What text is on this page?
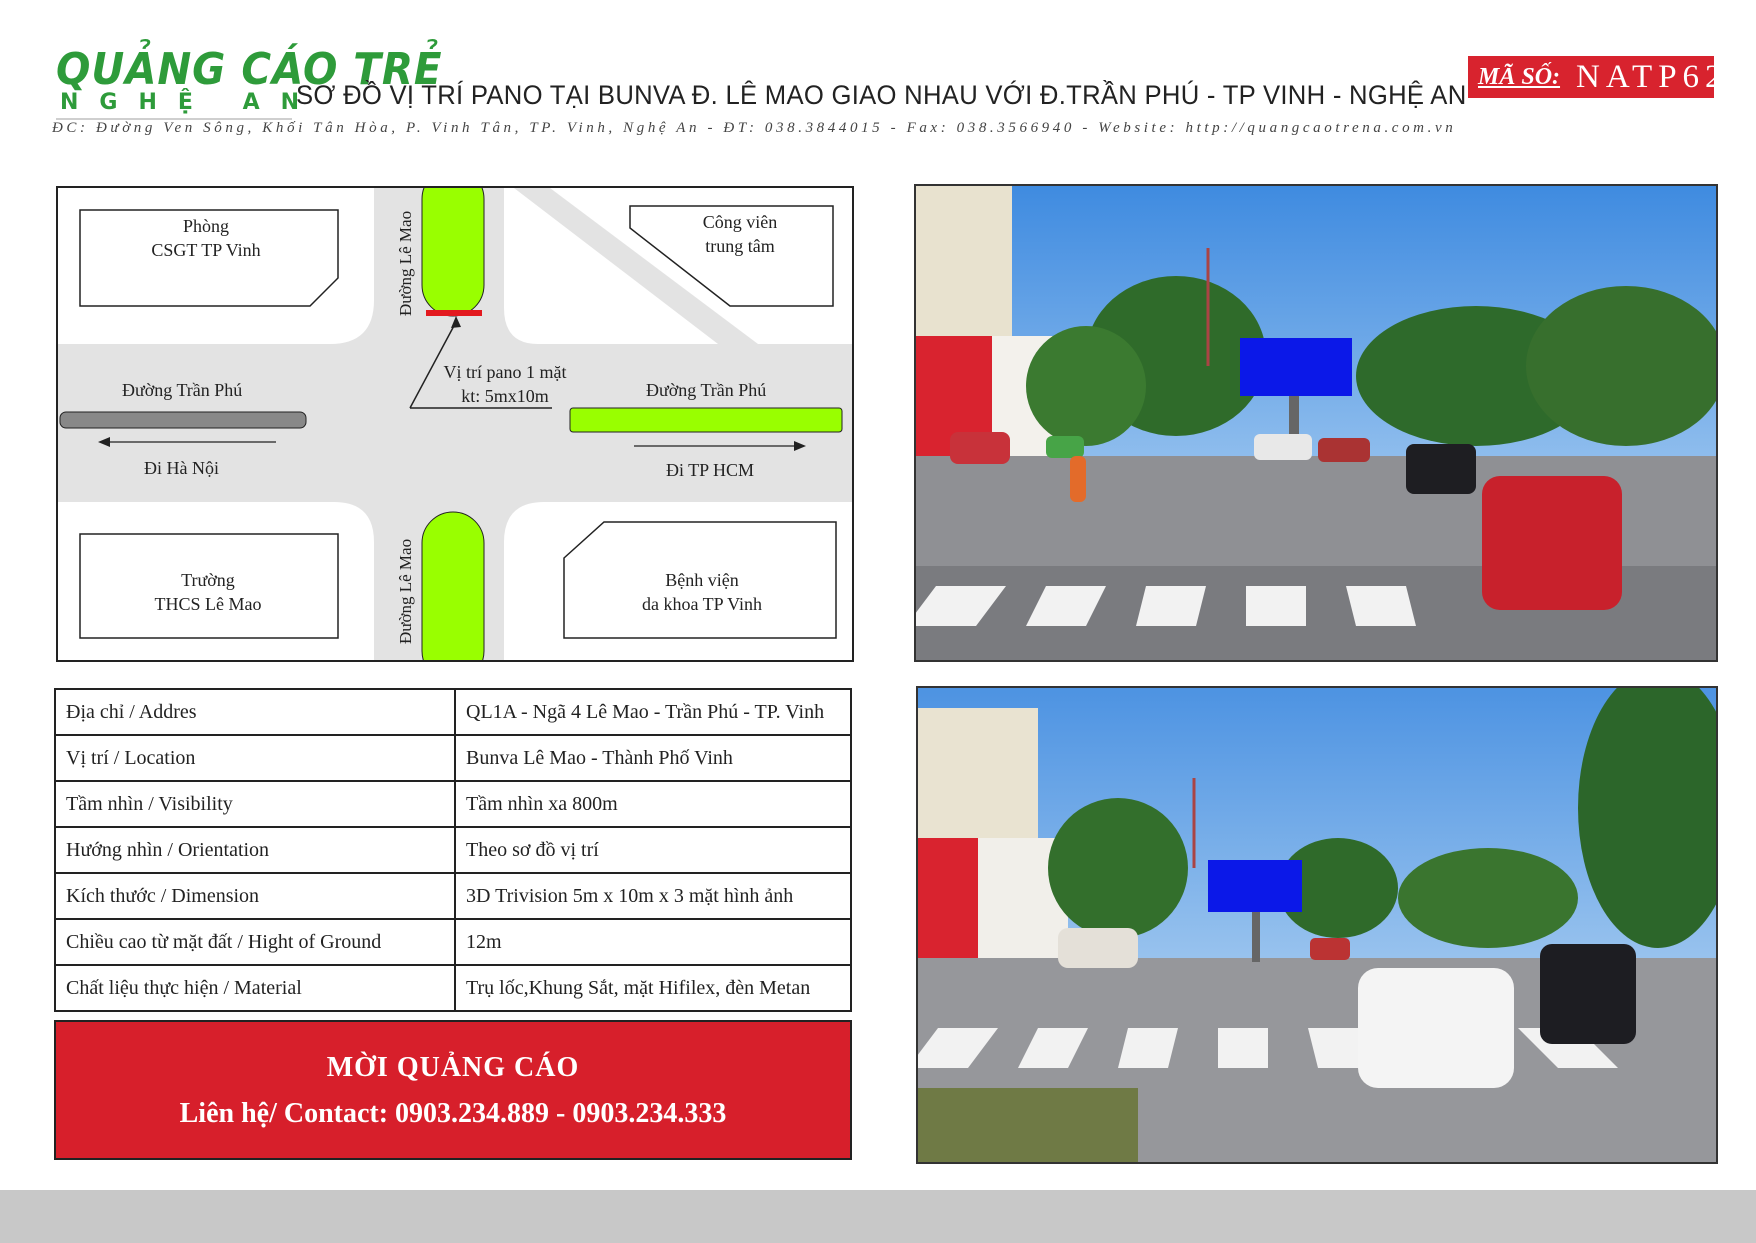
QUẢNG CÁO TRẺ
NGHỆ AN
SƠ ĐỒ VỊ TRÍ PANO TẠI BUNVA Đ. LÊ MAO GIAO NHAU VỚI Đ.TRẦN PHÚ - TP VINH - NGHỆ AN
MÃ SỐ: NATP62
ĐC: Đường Ven Sông, Khối Tân Hòa, P. Vinh Tân, TP. Vinh, Nghệ An - ĐT: 038.3844015 - Fax: 038.3566940 - Website: http://quangcaotrena.com.vn
Phòng
CSGT TP Vinh
Công viên
trung tâm
Trường
THCS Lê Mao
Bệnh viện
da khoa TP Vinh
Đường Lê Mao
Đường Lê Mao
Đường Trần Phú	Đường Trần Phú
Đi Hà Nội	Đi TP HCM
Vị trí pano 1 mặt
kt: 5mx10m
Địa chỉ / Addres	QL1A - Ngã 4 Lê Mao - Trần Phú - TP. Vinh
Vị trí / Location	Bunva Lê Mao - Thành Phố Vinh
Tầm nhìn / Visibility	Tầm nhìn xa 800m
Hướng nhìn / Orientation	Theo sơ đồ vị trí
Kích thước / Dimension	3D Trivision 5m x 10m x 3 mặt hình ảnh
Chiều cao từ mặt đất / Hight of Ground	12m
Chất liệu thực hiện / Material	Trụ lốc,Khung Sắt, mặt Hifilex, đèn Metan
MỜI QUẢNG CÁO
Liên hệ/ Contact: 0903.234.889 - 0903.234.333
